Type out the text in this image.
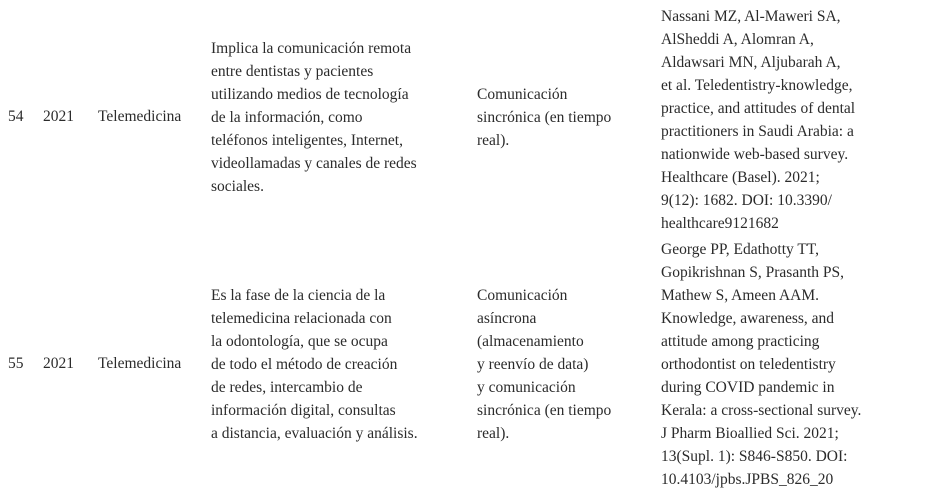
54 2021 Telemedicina
Implica la comunicación remota
entre dentistas y pacientes
utilizando medios de tecnología
de la información, como
teléfonos inteligentes, Internet,
videollamadas y canales de redes
sociales.
Comunicación
sincrónica (en tiempo
real).
Nassani MZ, Al-Maweri SA,
AlSheddi A, Alomran A,
Aldawsari MN, Aljubarah A,
et al. Teledentistry-knowledge,
practice, and attitudes of dental
practitioners in Saudi Arabia: a
nationwide web-based survey.
Healthcare (Basel). 2021;
9(12): 1682. DOI: 10.3390/
healthcare9121682
55 2021 Telemedicina
Es la fase de la ciencia de la
telemedicina relacionada con
la odontología, que se ocupa
de todo el método de creación
de redes, intercambio de
información digital, consultas
a distancia, evaluación y análisis.
Comunicación
asíncrona
(almacenamiento
y reenvío de data)
y comunicación
sincrónica (en tiempo
real).
George PP, Edathotty TT,
Gopikrishnan S, Prasanth PS,
Mathew S, Ameen AAM.
Knowledge, awareness, and
attitude among practicing
orthodontist on teledentistry
during COVID pandemic in
Kerala: a cross-sectional survey.
J Pharm Bioallied Sci. 2021;
13(Supl. 1): S846-S850. DOI:
10.4103/jpbs.JPBS_826_20
